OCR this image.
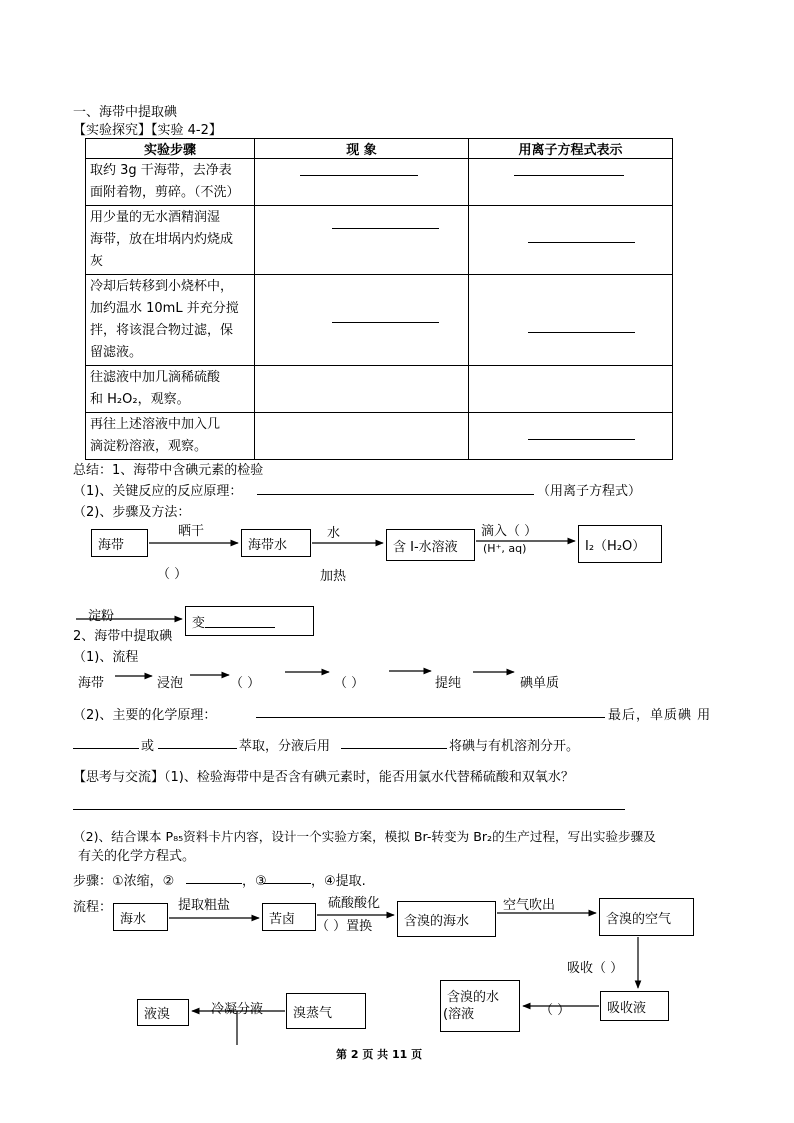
一、海带中提取碘
【实验探究】【实验 4-2】
实验步骤	现 象	用离子方程式表示

取约 3g 干海带，去净表
面附着物，剪碎。（不洗）		

用少量的无水酒精润湿
海带，放在坩埚内灼烧成
灰		

冷却后转移到小烧杯中，
加约温水 10mL 并充分搅
拌，将该混合物过滤，保
留滤液。		

往滤液中加几滴稀硫酸
和 H₂O₂，观察。		

再往上述溶液中加入几
滴淀粉溶液，观察。		

总结：1、海带中含碘元素的检验
（1)、关键反应的反应原理：	（用离子方程式）
（2)、步骤及方法：
海带	海带水	含 I-水溶液	I₂（H₂O）
晒干
（ ）
水
加热
滴入（ ）
(H⁺, aq)
淀粉	变
2、海带中提取碘
（1)、流程
海带	浸泡	（ ）	（ ）	提纯	碘单质
（2)、主要的化学原理：	最后，单质碘 用
或	萃取，分液后用	将碘与有机溶剂分开。
【思考与交流】（1)、检验海带中是否含有碘元素时，能否用氯水代替稀硫酸和双氧水？
（2)、结合课本 P₈₅资料卡片内容，设计一个实验方案，模拟 Br-转变为 Br₂的生产过程，写出实验步骤及
有关的化学方程式。
步骤：①浓缩，②	，③	，④提取.
流程：
海水	苦卤	含溴的海水	含溴的空气
吸收液
含溴的水
(溶液
溴蒸气
液溴
提取粗盐	硫酸酸化
（ ）置换
空气吹出
吸收（ ）
（ ）
冷凝分液
第 2 页 共 11 页
